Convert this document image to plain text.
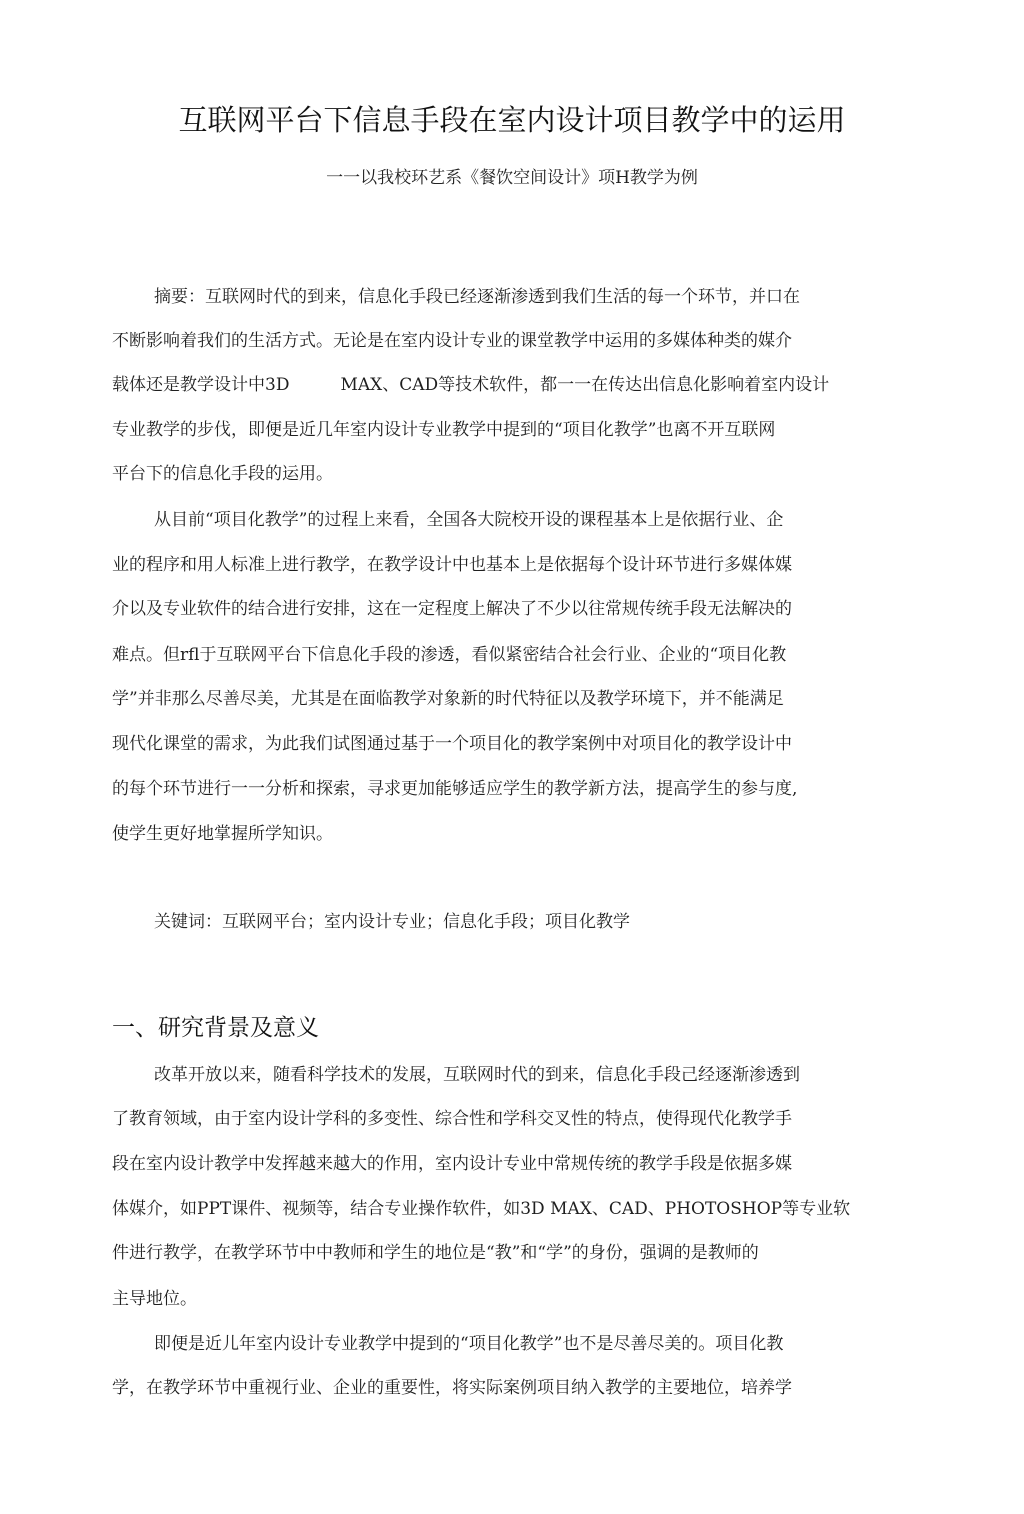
互联网平台下信息手段在室内设计项目教学中的运用
一一以我校环艺系《餐饮空间设计》项H教学为例
摘要：互联网时代的到来，信息化手段已经逐渐渗透到我们生活的每一个环节，并口在
不断影响着我们的生活方式。无论是在室内设计专业的课堂教学中运用的多媒体种类的媒介
载体还是教学设计中3D　　　MAX、CAD等技术软件，都一一在传达出信息化影响着室内设计
专业教学的步伐，即便是近几年室内设计专业教学中提到的“项目化教学”也离不开互联网
平台下的信息化手段的运用。
从目前“项目化教学”的过程上来看，全国各大院校开设的课程基本上是依据行业、企
业的程序和用人标准上进行教学，在教学设计中也基本上是依据每个设计环节进行多媒体媒
介以及专业软件的结合进行安排，这在一定程度上解决了不少以往常规传统手段无法解决的
难点。但rfl于互联网平台下信息化手段的渗透，看似紧密结合社会行业、企业的“项目化教
学”并非那么尽善尽美，尤其是在面临教学对象新的时代特征以及教学环境下，并不能满足
现代化课堂的需求，为此我们试图通过基于一个项目化的教学案例中对项目化的教学设计中
的每个环节进行一一分析和探索，寻求更加能够适应学生的教学新方法，提高学生的参与度,
使学生更好地掌握所学知识。
关键词：互联网平台；室内设计专业；信息化手段；项目化教学
一、研究背景及意义
改革开放以来，随看科学技术的发展，互联网时代的到来，信息化手段己经逐渐渗透到
了教育领域，由于室内设计学科的多变性、综合性和学科交叉性的特点，使得现代化教学手
段在室内设计教学中发挥越来越大的作用，室内设计专业中常规传统的教学手段是依据多媒
体媒介，如PPT课件、视频等，结合专业操作软件，如3D MAX、CAD、PHOTOSHOP等专业软
件进行教学，在教学环节中中教师和学生的地位是“教”和“学”的身份，强调的是教师的
主导地位。
即便是近儿年室内设计专业教学中提到的“项目化教学”也不是尽善尽美的。项目化教
学，在教学环节中重视行业、企业的重要性，将实际案例项目纳入教学的主要地位，培养学
